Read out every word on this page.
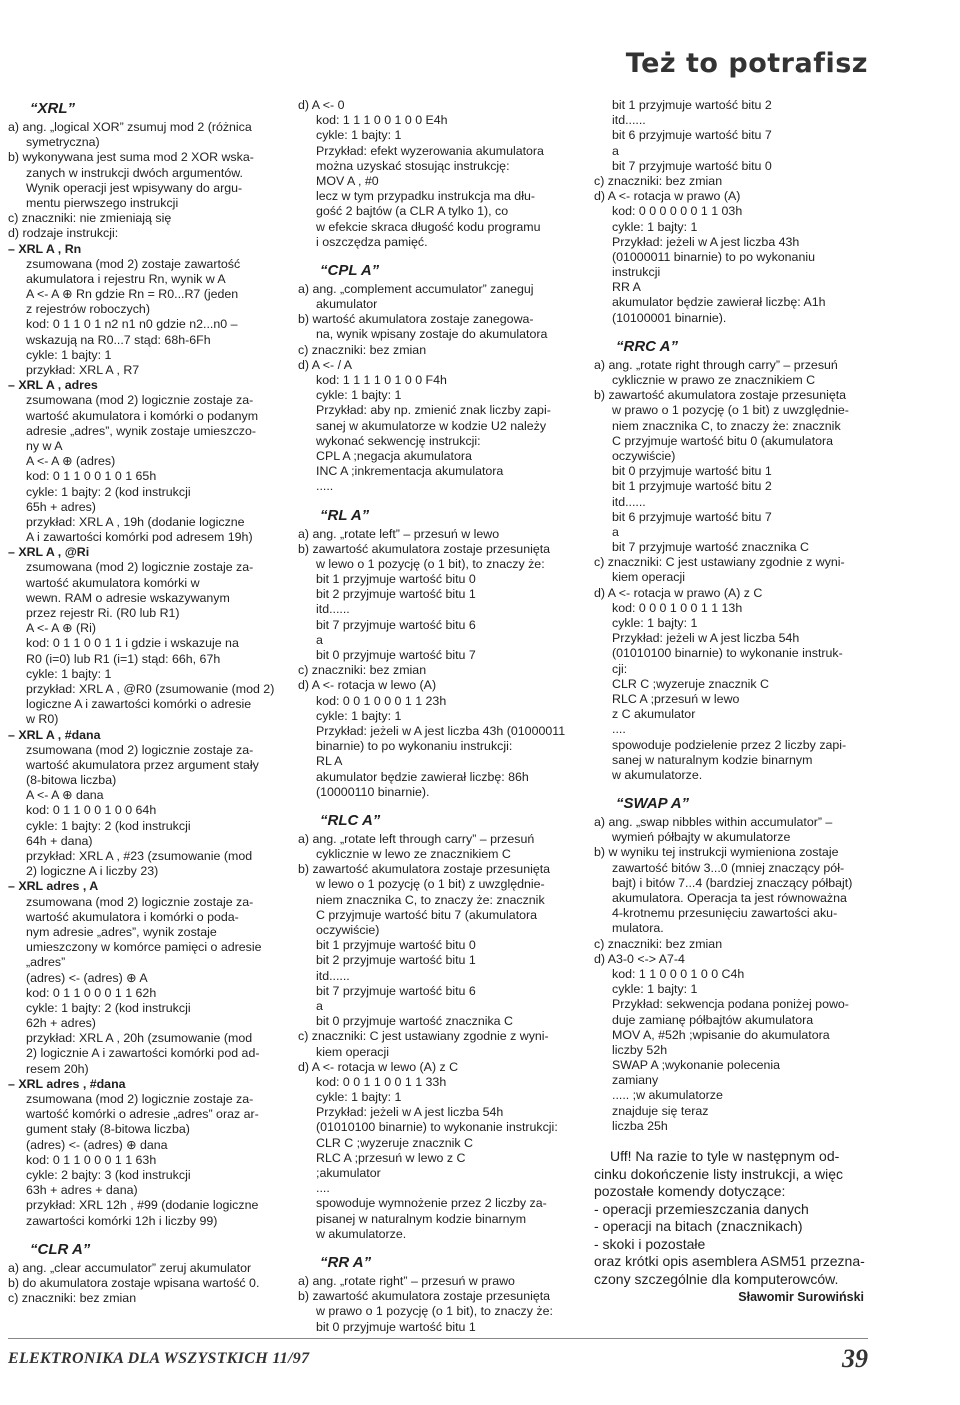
Też to potrafisz
“XRL”
a) ang. „logical XOR” zsumuj mod 2 (różnica
symetryczna)
b) wykonywana jest suma mod 2 XOR wska-
zanych w instrukcji dwóch argumentów.
Wynik operacji jest wpisywany do argu-
mentu pierwszego instrukcji
c) znaczniki: nie zmieniają się
d) rodzaje instrukcji:
– XRL A , Rn
zsumowana (mod 2) zostaje zawartość
akumulatora i rejestru Rn, wynik w A
A <- A ⊕ Rn gdzie Rn = R0...R7 (jeden
z rejestrów roboczych)
kod: 0 1 1 0 1 n2 n1 n0 gdzie n2...n0 –
wskazują na R0...7 stąd: 68h-6Fh
cykle: 1 bajty: 1
przykład: XRL A , R7
– XRL A , adres
zsumowana (mod 2) logicznie zostaje za-
wartość akumulatora i komórki o podanym
adresie „adres”, wynik zostaje umieszczo-
ny w A
A <- A ⊕ (adres)
kod: 0 1 1 0 0 1 0 1 65h
cykle: 1 bajty: 2 (kod instrukcji
65h + adres)
przykład: XRL A , 19h (dodanie logiczne
A i zawartości komórki pod adresem 19h)
– XRL A , @Ri
zsumowana (mod 2) logicznie zostaje za-
wartość akumulatora komórki w
wewn. RAM o adresie wskazywanym
przez rejestr Ri. (R0 lub R1)
A <- A ⊕ (Ri)
kod: 0 1 1 0 0 1 1 i gdzie i wskazuje na
R0 (i=0) lub R1 (i=1) stąd: 66h, 67h
cykle: 1 bajty: 1
przykład: XRL A , @R0 (zsumowanie (mod 2)
logiczne A i zawartości komórki o adresie
w R0)
– XRL A , #dana
zsumowana (mod 2) logicznie zostaje za-
wartość akumulatora przez argument stały
(8-bitowa liczba)
A <- A ⊕ dana
kod: 0 1 1 0 0 1 0 0 64h
cykle: 1 bajty: 2 (kod instrukcji
64h + dana)
przykład: XRL A , #23 (zsumowanie (mod
2) logiczne A i liczby 23)
– XRL adres , A
zsumowana (mod 2) logicznie zostaje za-
wartość akumulatora i komórki o poda-
nym adresie „adres”, wynik zostaje
umieszczony w komórce pamięci o adresie
„adres”
(adres) <- (adres) ⊕ A
kod: 0 1 1 0 0 0 1 1 62h
cykle: 1 bajty: 2 (kod instrukcji
62h + adres)
przykład: XRL A , 20h (zsumowanie (mod
2) logicznie A i zawartości komórki pod ad-
resem 20h)
– XRL adres , #dana
zsumowana (mod 2) logicznie zostaje za-
wartość komórki o adresie „adres” oraz ar-
gument stały (8-bitowa liczba)
(adres) <- (adres) ⊕ dana
kod: 0 1 1 0 0 0 1 1 63h
cykle: 2 bajty: 3 (kod instrukcji
63h + adres + dana)
przykład: XRL 12h , #99 (dodanie logiczne
zawartości komórki 12h i liczby 99)
“CLR A”
a) ang. „clear accumulator” zeruj akumulator
b) do akumulatora zostaje wpisana wartość 0.
c) znaczniki: bez zmian
d) A <- 0
kod: 1 1 1 0 0 1 0 0 E4h
cykle: 1 bajty: 1
Przykład: efekt wyzerowania akumulatora
można uzyskać stosując instrukcję:
MOV A , #0
lecz w tym przypadku instrukcja ma dłu-
gość 2 bajtów (a CLR A tylko 1), co
w efekcie skraca długość kodu programu
i oszczędza pamięć.
“CPL A”
a) ang. „complement accumulator” zaneguj
akumulator
b) wartość akumulatora zostaje zanegowa-
na, wynik wpisany zostaje do akumulatora
c) znaczniki: bez zmian
d) A <- / A
kod: 1 1 1 1 0 1 0 0 F4h
cykle: 1 bajty: 1
Przykład: aby np. zmienić znak liczby zapi-
sanej w akumulatorze w kodzie U2 należy
wykonać sekwencję instrukcji:
CPL A ;negacja akumulatora
INC A ;inkrementacja akumulatora
.....
“RL A”
a) ang. „rotate left” – przesuń w lewo
b) zawartość akumulatora zostaje przesunięta
w lewo o 1 pozycję (o 1 bit), to znaczy że:
bit 1 przyjmuje wartość bitu 0
bit 2 przyjmuje wartość bitu 1
itd......
bit 7 przyjmuje wartość bitu 6
a
bit 0 przyjmuje wartość bitu 7
c) znaczniki: bez zmian
d) A <- rotacja w lewo (A)
kod: 0 0 1 0 0 0 1 1 23h
cykle: 1 bajty: 1
Przykład: jeżeli w A jest liczba 43h (01000011
binarnie) to po wykonaniu instrukcji:
RL A
akumulator będzie zawierał liczbę: 86h
(10000110 binarnie).
“RLC A”
a) ang. „rotate left through carry” – przesuń
cyklicznie w lewo ze znacznikiem C
b) zawartość akumulatora zostaje przesunięta
w lewo o 1 pozycję (o 1 bit) z uwzględnie-
niem znacznika C, to znaczy że: znacznik
C przyjmuje wartość bitu 7 (akumulatora
oczywiście)
bit 1 przyjmuje wartość bitu 0
bit 2 przyjmuje wartość bitu 1
itd......
bit 7 przyjmuje wartość bitu 6
a
bit 0 przyjmuje wartość znacznika C
c) znaczniki: C jest ustawiany zgodnie z wyni-
kiem operacji
d) A <- rotacja w lewo (A) z C
kod: 0 0 1 1 0 0 1 1 33h
cykle: 1 bajty: 1
Przykład: jeżeli w A jest liczba 54h
(01010100 binarnie) to wykonanie instrukcji:
CLR C ;wyzeruje znacznik C
RLC A ;przesuń w lewo z C
;akumulator
....
spowoduje wymnożenie przez 2 liczby za-
pisanej w naturalnym kodzie binarnym
w akumulatorze.
“RR A”
a) ang. „rotate right” – przesuń w prawo
b) zawartość akumulatora zostaje przesunięta
w prawo o 1 pozycję (o 1 bit), to znaczy że:
bit 0 przyjmuje wartość bitu 1
bit 1 przyjmuje wartość bitu 2
itd......
bit 6 przyjmuje wartość bitu 7
a
bit 7 przyjmuje wartość bitu 0
c) znaczniki: bez zmian
d) A <- rotacja w prawo (A)
kod: 0 0 0 0 0 0 1 1 03h
cykle: 1 bajty: 1
Przykład: jeżeli w A jest liczba 43h
(01000011 binarnie) to po wykonaniu
instrukcji
RR A
akumulator będzie zawierał liczbę: A1h
(10100001 binarnie).
“RRC A”
a) ang. „rotate right through carry” – przesuń
cyklicznie w prawo ze znacznikiem C
b) zawartość akumulatora zostaje przesunięta
w prawo o 1 pozycję (o 1 bit) z uwzględnie-
niem znacznika C, to znaczy że: znacznik
C przyjmuje wartość bitu 0 (akumulatora
oczywiście)
bit 0 przyjmuje wartość bitu 1
bit 1 przyjmuje wartość bitu 2
itd......
bit 6 przyjmuje wartość bitu 7
a
bit 7 przyjmuje wartość znacznika C
c) znaczniki: C jest ustawiany zgodnie z wyni-
kiem operacji
d) A <- rotacja w prawo (A) z C
kod: 0 0 0 1 0 0 1 1 13h
cykle: 1 bajty: 1
Przykład: jeżeli w A jest liczba 54h
(01010100 binarnie) to wykonanie instruk-
cji:
CLR C ;wyzeruje znacznik C
RLC A ;przesuń w lewo
z C akumulator
....
spowoduje podzielenie przez 2 liczby zapi-
sanej w naturalnym kodzie binarnym
w akumulatorze.
“SWAP A”
a) ang. „swap nibbles within accumulator” –
wymień półbajty w akumulatorze
b) w wyniku tej instrukcji wymieniona zostaje
zawartość bitów 3...0 (mniej znaczący pół-
bajt) i bitów 7...4 (bardziej znaczący półbajt)
akumulatora. Operacja ta jest równoważna
4-krotnemu przesunięciu zawartości aku-
mulatora.
c) znaczniki: bez zmian
d) A3-0 <-> A7-4
kod: 1 1 0 0 0 1 0 0 C4h
cykle: 1 bajty: 1
Przykład: sekwencja podana poniżej powo-
duje zamianę półbajtów akumulatora
MOV A, #52h ;wpisanie do akumulatora
liczby 52h
SWAP A ;wykonanie polecenia
zamiany
..... ;w akumulatorze
znajduje się teraz
liczba 25h
Uff! Na razie to tyle w następnym od-
cinku dokończenie listy instrukcji, a więc
pozostałe komendy dotyczące:
- operacji przemieszczania danych
- operacji na bitach (znacznikach)
- skoki i pozostałe
oraz krótki opis asemblera ASM51 przezna-
czony szczególnie dla komputerowców.
Sławomir Surowiński
ELEKTRONIKA DLA WSZYSTKICH 11/97	39
